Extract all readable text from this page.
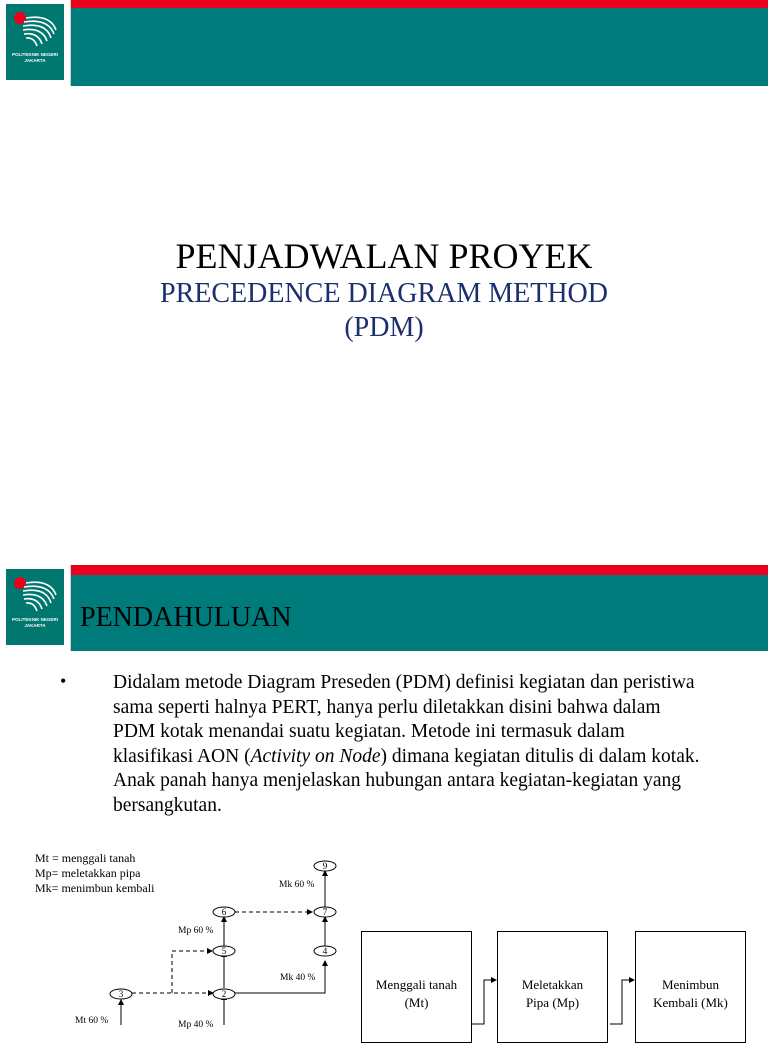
POLITEKNIK NEGERI JAKARTA
PENJADWALAN PROYEK
PRECEDENCE DIAGRAM METHOD
(PDM)
POLITEKNIK NEGERI JAKARTA	PENDAHULUAN
• Didalam metode Diagram Preseden (PDM) definisi kegiatan dan peristiwa sama seperti halnya PERT, hanya perlu diletakkan disini bahwa dalam PDM kotak menandai suatu kegiatan. Metode ini termasuk dalam klasifikasi AON (Activity on Node) dimana kegiatan ditulis di dalam kotak. Anak panah hanya menjelaskan hubungan antara kegiatan-kegiatan yang bersangkutan.
Mt = menggali tanah
Mp= meletakkan pipa
Mk= menimbun kembali
9
6	7
5	4
3	2
Mk 60 %
Mp 60 %
Mk 40 %
Mt 60 %	Mp 40 %
Menggali tanah
(Mt)
Meletakkan
Pipa (Mp)
Menimbun
Kembali (Mk)
